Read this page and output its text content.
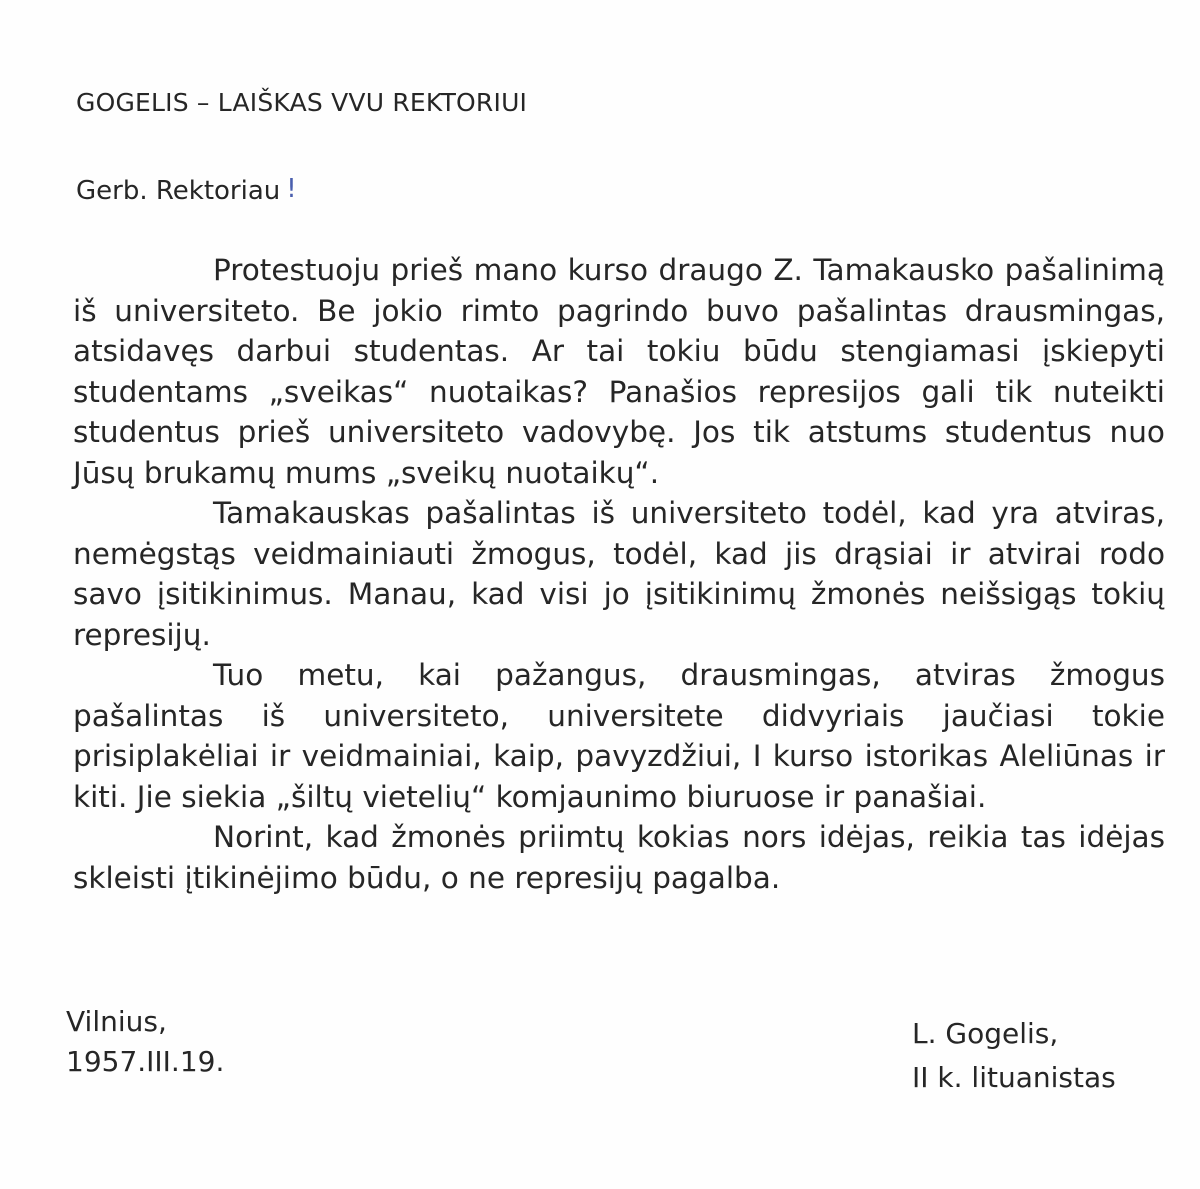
GOGELIS – LAIŠKAS VVU REKTORIUI
Gerb. Rektoriau !

Protestuoju prieš mano kurso draugo Z. Tamakausko pašalinimą iš universiteto. Be jokio rimto pagrindo buvo pašalintas drausmingas, atsidavęs darbui studentas. Ar tai tokiu būdu stengiamasi įskiepyti studentams „sveikas“ nuotaikas? Panašios represijos gali tik nuteikti studentus prieš universiteto vadovybę. Jos tik atstums studentus nuo Jūsų brukamų mums „sveikų nuotaikų“.

Tamakauskas pašalintas iš universiteto todėl, kad yra atviras, nemėgstąs veidmainiauti žmogus, todėl, kad jis drąsiai ir atvirai rodo savo įsitikinimus. Manau, kad visi jo įsitikinimų žmonės neišsigąs tokių represijų.

Tuo metu, kai pažangus, drausmingas, atviras žmogus pašalintas iš universiteto, universitete didvyriais jaučiasi tokie prisiplakėliai ir veidmainiai, kaip, pavyzdžiui, I kurso istorikas Aleliūnas ir kiti. Jie siekia „šiltų vietelių“ komjaunimo biuruose ir panašiai.

Norint, kad žmonės priimtų kokias nors idėjas, reikia tas idėjas skleisti įtikinėjimo būdu, o ne represijų pagalba.

Vilnius,
1957.III.19.
L. Gogelis,
II k. lituanistas
